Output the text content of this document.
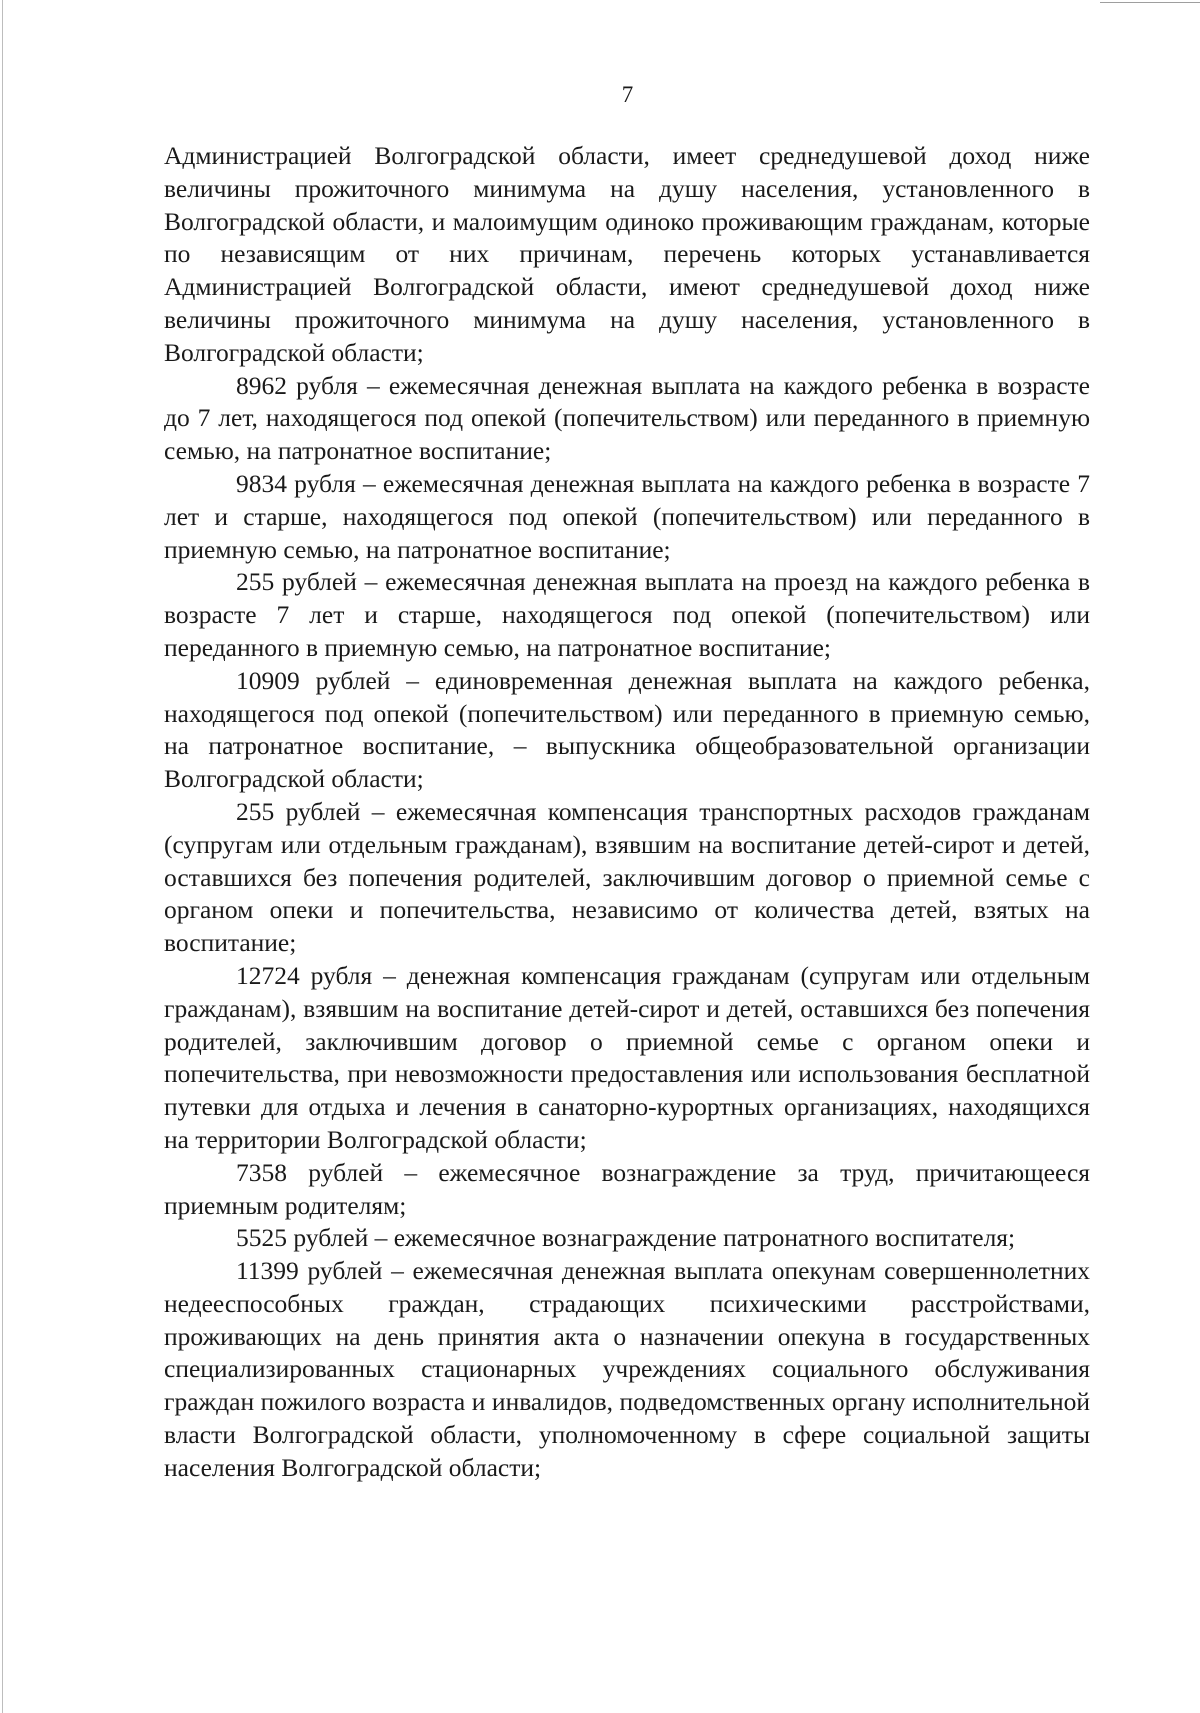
7

Администрацией Волгоградской области, имеет среднедушевой доход ниже величины прожиточного минимума на душу населения, установленного в Волгоградской области, и малоимущим одиноко проживающим гражданам, которые по независящим от них причинам, перечень которых устанавливается Администрацией Волгоградской области, имеют среднедушевой доход ниже величины прожиточного минимума на душу населения, установленного в Волгоградской области;

8962 рубля – ежемесячная денежная выплата на каждого ребенка в возрасте до 7 лет, находящегося под опекой (попечительством) или переданного в приемную семью, на патронатное воспитание;

9834 рубля – ежемесячная денежная выплата на каждого ребенка в возрасте 7 лет и старше, находящегося под опекой (попечительством) или переданного в приемную семью, на патронатное воспитание;

255 рублей – ежемесячная денежная выплата на проезд на каждого ребенка в возрасте 7 лет и старше, находящегося под опекой (попечительством) или переданного в приемную семью, на патронатное воспитание;

10909 рублей – единовременная денежная выплата на каждого ребенка, находящегося под опекой (попечительством) или переданного в приемную семью, на патронатное воспитание, – выпускника общеобразовательной организации Волгоградской области;

255 рублей – ежемесячная компенсация транспортных расходов гражданам (супругам или отдельным гражданам), взявшим на воспитание детей-сирот и детей, оставшихся без попечения родителей, заключившим договор о приемной семье с органом опеки и попечительства, независимо от количества детей, взятых на воспитание;

12724 рубля – денежная компенсация гражданам (супругам или отдельным гражданам), взявшим на воспитание детей-сирот и детей, оставшихся без попечения родителей, заключившим договор о приемной семье с органом опеки и попечительства, при невозможности предоставления или использования бесплатной путевки для отдыха и лечения в санаторно-курортных организациях, находящихся на территории Волгоградской области;

7358 рублей – ежемесячное вознаграждение за труд, причитающееся приемным родителям;

5525 рублей – ежемесячное вознаграждение патронатного воспитателя;

11399 рублей – ежемесячная денежная выплата опекунам совершеннолетних недееспособных граждан, страдающих психическими расстройствами, проживающих на день принятия акта о назначении опекуна в государственных специализированных стационарных учреждениях социального обслуживания граждан пожилого возраста и инвалидов, подведомственных органу исполнительной власти Волгоградской области, уполномоченному в сфере социальной защиты населения Волгоградской области;
